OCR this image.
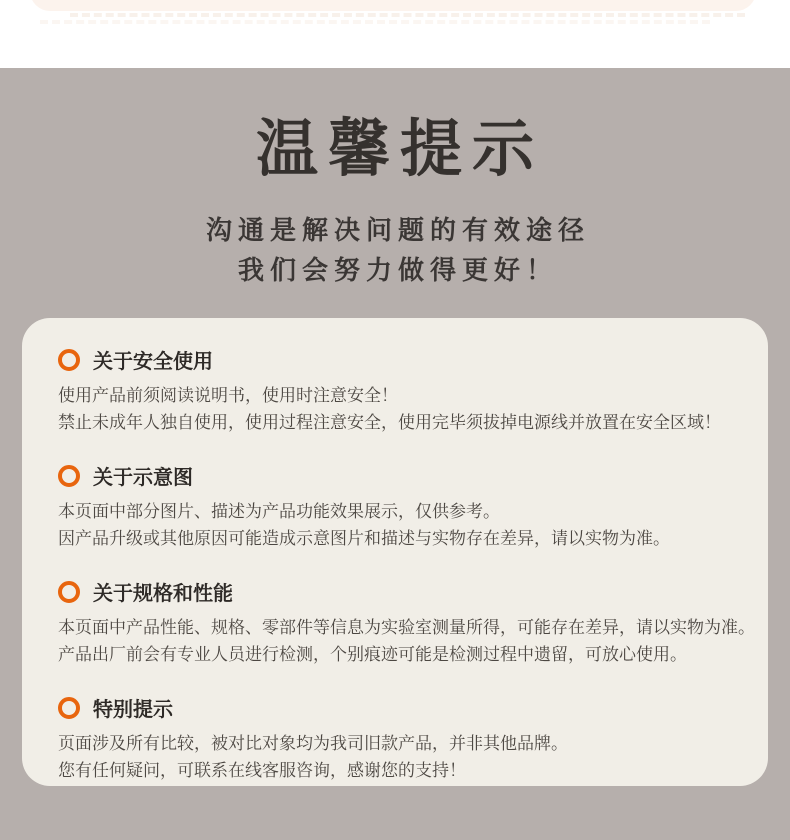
温馨提示
沟通是解决问题的有效途径
我们会努力做得更好！
关于安全使用
使用产品前须阅读说明书，使用时注意安全！
禁止未成年人独自使用，使用过程注意安全，使用完毕须拔掉电源线并放置在安全区域！
关于示意图
本页面中部分图片、描述为产品功能效果展示，仅供参考。
因产品升级或其他原因可能造成示意图片和描述与实物存在差异，请以实物为准。
关于规格和性能
本页面中产品性能、规格、零部件等信息为实验室测量所得，可能存在差异，请以实物为准。
产品出厂前会有专业人员进行检测，个别痕迹可能是检测过程中遗留，可放心使用。
特别提示
页面涉及所有比较，被对比对象均为我司旧款产品，并非其他品牌。
您有任何疑问，可联系在线客服咨询，感谢您的支持！
